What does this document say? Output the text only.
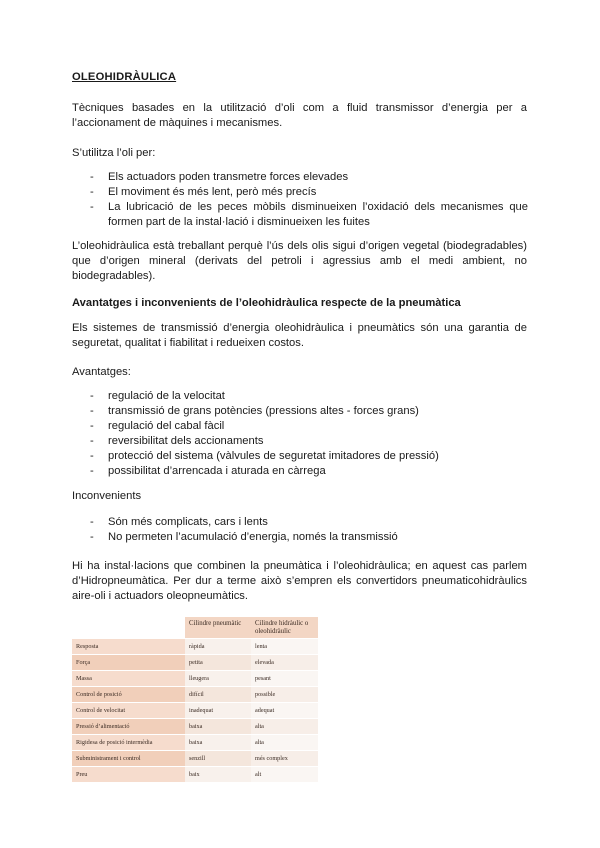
OLEOHIDRÀULICA
Tècniques basades en la utilització d’oli com a fluid transmissor d’energia per a l’accionament de màquines i mecanismes.
S’utilitza l’oli per:
- Els actuadors poden transmetre forces elevades
- El moviment és més lent, però més precís
- La lubricació de les peces mòbils disminueixen l’oxidació dels mecanismes que formen part de la instal·lació i disminueixen les fuites
L’oleohidràulica està treballant perquè l’ús dels olis sigui d’origen vegetal (biodegradables) que d’origen mineral (derivats del petroli i agressius amb el medi ambient, no biodegradables).
Avantatges i inconvenients de l’oleohidràulica respecte de la pneumàtica
Els sistemes de transmissió d’energia oleohidràulica i pneumàtics són una garantia de seguretat, qualitat i fiabilitat i redueixen costos.
Avantatges:
- regulació de la velocitat
- transmissió de grans potències (pressions altes - forces grans)
- regulació del cabal fàcil
- reversibilitat dels accionaments
- protecció del sistema (vàlvules de seguretat imitadores de pressió)
- possibilitat d’arrencada i aturada en càrrega
Inconvenients
- Són més complicats, cars i lents
- No permeten l’acumulació d’energia, només la transmissió
Hi ha instal·lacions que combinen la pneumàtica i l’oleohidràulica; en aquest cas parlem d’Hidropneumàtica. Per dur a terme això s’empren els convertidors pneumaticohidràulics aire-oli i actuadors oleopneumàtics.
	Cilindre pneumàtic	Cilindre hidràulic o oleohidràulic
Resposta	ràpida	lenta
Força	petita	elevada
Massa	lleugera	pesant
Control de posició	difícil	possible
Control de velocitat	inadequat	adequat
Pressió d’alimentació	baixa	alta
Rigidesa de posició intermèdia	baixa	alta
Subministrament i control	senzill	més complex
Preu	baix	alt
